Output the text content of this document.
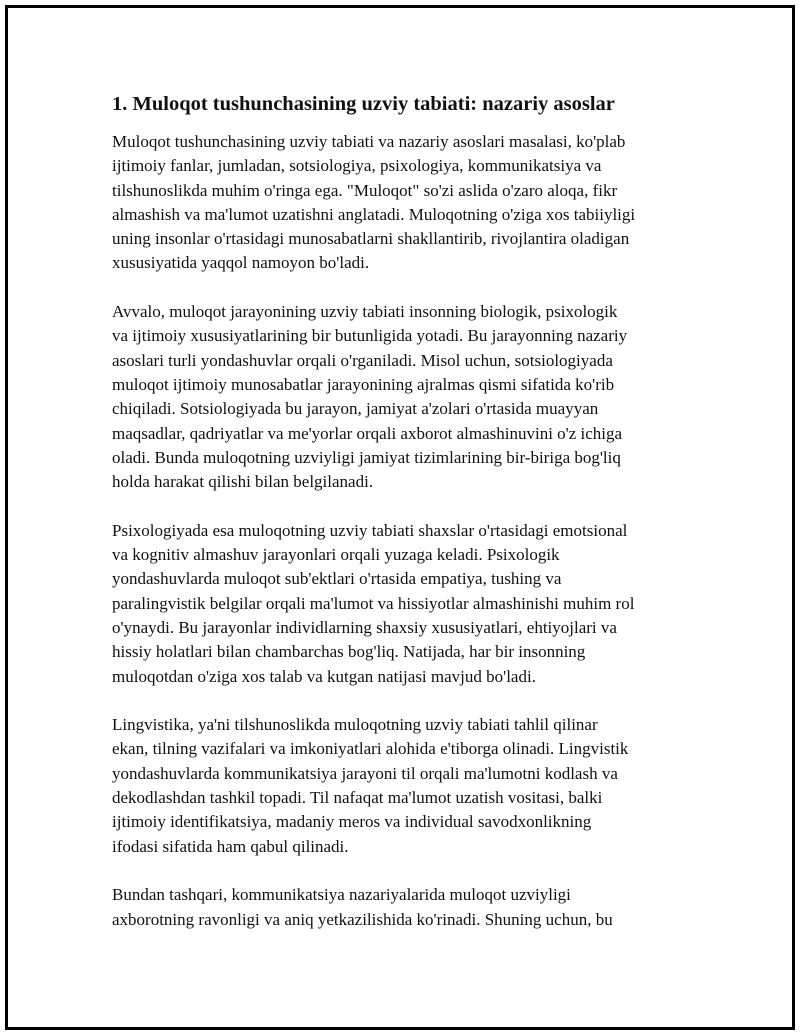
1. Muloqot tushunchasining uzviy tabiati: nazariy asoslar

Muloqot tushunchasining uzviy tabiati va nazariy asoslari masalasi, ko'plab
ijtimoiy fanlar, jumladan, sotsiologiya, psixologiya, kommunikatsiya va
tilshunoslikda muhim o'ringa ega. "Muloqot" so'zi aslida o'zaro aloqa, fikr
almashish va ma'lumot uzatishni anglatadi. Muloqotning o'ziga xos tabiiyligi
uning insonlar o'rtasidagi munosabatlarni shakllantirib, rivojlantira oladigan
xususiyatida yaqqol namoyon bo'ladi.

Avvalo, muloqot jarayonining uzviy tabiati insonning biologik, psixologik
va ijtimoiy xususiyatlarining bir butunligida yotadi. Bu jarayonning nazariy
asoslari turli yondashuvlar orqali o'rganiladi. Misol uchun, sotsiologiyada
muloqot ijtimoiy munosabatlar jarayonining ajralmas qismi sifatida ko'rib
chiqiladi. Sotsiologiyada bu jarayon, jamiyat a'zolari o'rtasida muayyan
maqsadlar, qadriyatlar va me'yorlar orqali axborot almashinuvini o'z ichiga
oladi. Bunda muloqotning uzviyligi jamiyat tizimlarining bir-biriga bog'liq
holda harakat qilishi bilan belgilanadi.

Psixologiyada esa muloqotning uzviy tabiati shaxslar o'rtasidagi emotsional
va kognitiv almashuv jarayonlari orqali yuzaga keladi. Psixologik
yondashuvlarda muloqot sub'ektlari o'rtasida empatiya, tushing va
paralingvistik belgilar orqali ma'lumot va hissiyotlar almashinishi muhim rol
o'ynaydi. Bu jarayonlar individlarning shaxsiy xususiyatlari, ehtiyojlari va
hissiy holatlari bilan chambarchas bog'liq. Natijada, har bir insonning
muloqotdan o'ziga xos talab va kutgan natijasi mavjud bo'ladi.

Lingvistika, ya'ni tilshunoslikda muloqotning uzviy tabiati tahlil qilinar
ekan, tilning vazifalari va imkoniyatlari alohida e'tiborga olinadi. Lingvistik
yondashuvlarda kommunikatsiya jarayoni til orqali ma'lumotni kodlash va
dekodlashdan tashkil topadi. Til nafaqat ma'lumot uzatish vositasi, balki
ijtimoiy identifikatsiya, madaniy meros va individual savodxonlikning
ifodasi sifatida ham qabul qilinadi.

Bundan tashqari, kommunikatsiya nazariyalarida muloqot uzviyligi
axborotning ravonligi va aniq yetkazilishida ko'rinadi. Shuning uchun, bu
